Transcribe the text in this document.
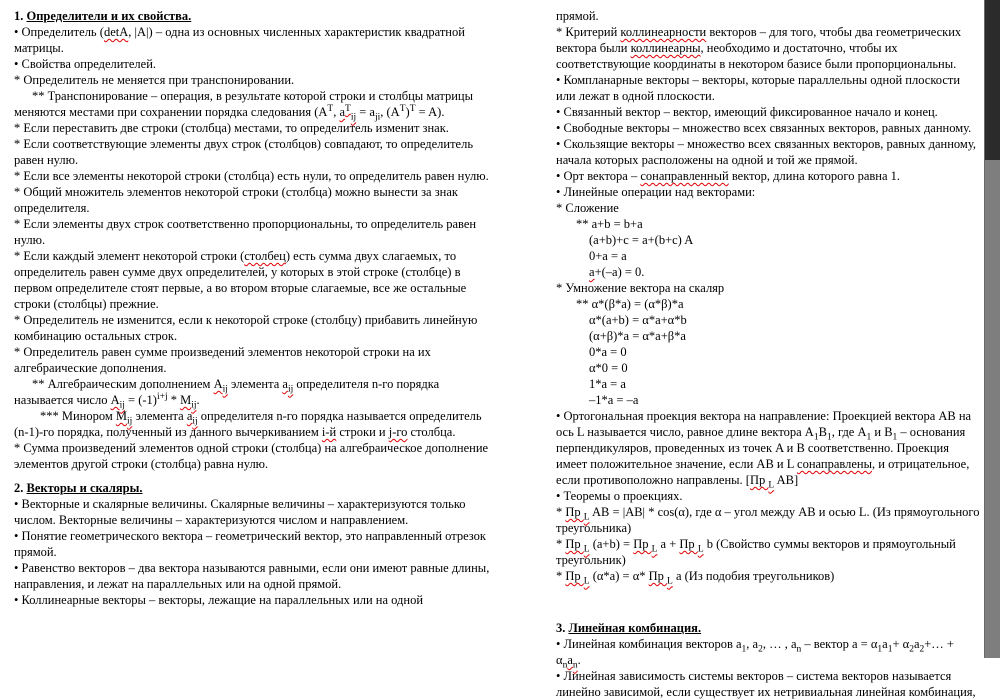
1. Определители и их свойства.
• Определитель (detA, |A|) – одна из основных численных характеристик квадратной матрицы.
• Свойства определителей.
* Определитель не меняется при транспонировании.
** Транспонирование – операция, в результате которой строки и столбцы матрицы меняются местами при сохранении порядка следования ($A^T$, $a^T_{ij} = a_{ji}$, $(A^T)^T = A$).
* Если переставить две строки (столбца) местами, то определитель изменит знак.
* Если соответствующие элементы двух строк (столбцов) совпадают, то определитель равен нулю.
* Если все элементы некоторой строки (столбца) есть нули, то определитель равен нулю.
* Общий множитель элементов некоторой строки (столбца) можно вынести за знак определителя.
* Если элементы двух строк соответственно пропорциональны, то определитель равен нулю.
* Если каждый элемент некоторой строки (столбец) есть сумма двух слагаемых, то определитель равен сумме двух определителей, у которых в этой строке (столбце) в первом определителе стоят первые, а во втором вторые слагаемые, все же остальные строки (столбцы) прежние.
* Определитель не изменится, если к некоторой строке (столбцу) прибавить линейную комбинацию остальных строк.
* Определитель равен сумме произведений элементов некоторой строки на их алгебраические дополнения.
** Алгебраическим дополнением $A_{ij}$ элемента $a_{ij}$ определителя n-го порядка называется число $A_{ij} = (-1)^{i+j} * M_{ij}$.
*** Минором $M_{ij}$ элемента $a_{ij}$ определителя n-го порядка называется определитель (n-1)-го порядка, полученный из данного вычеркиванием i-й строки и j-го столбца.
* Сумма произведений элементов одной строки (столбца) на алгебраическое дополнение элементов другой строки (столбца) равна нулю.
2. Векторы и скаляры.
• Векторные и скалярные величины. Скалярные величины – характеризуются только числом. Векторные величины – характеризуются числом и направлением.
• Понятие геометрического вектора – геометрический вектор, это направленный отрезок прямой.
• Равенство векторов – два вектора называются равными, если они имеют равные длины, направления, и лежат на параллельных или на одной прямой.
• Коллинеарные векторы – векторы, лежащие на параллельных или на одной
прямой.
* Критерий коллинеарности векторов – для того, чтобы два геометрических вектора были коллинеарны, необходимо и достаточно, чтобы их соответствующие координаты в некотором базисе были пропорциональны.
• Компланарные векторы – векторы, которые параллельны одной плоскости или лежат в одной плоскости.
• Связанный вектор – вектор, имеющий фиксированное начало и конец.
• Свободные векторы – множество всех связанных векторов, равных данному.
• Скользящие векторы – множество всех связанных векторов, равных данному, начала которых расположены на одной и той же прямой.
• Орт вектора – сонаправленный вектор, длина которого равна 1.
• Линейные операции над векторами:
* Сложение
** a+b = b+a
(a+b)+c = a+(b+c) A
0+a = a
a+(–a) = 0.
* Умножение вектора на скаляр
** α*(β*a) = (α*β)*a
α*(a+b) = α*a+α*b
(α+β)*a = α*a+β*a
0*a = 0
α*0 = 0
1*a = a
–1*a = –a
• Ортогональная проекция вектора на направление: Проекцией вектора AB на ось L называется число, равное длине вектора $A_1B_1$, где $A_1$ и $B_1$ – основания перпендикуляров, проведенных из точек A и B соответственно. Проекция имеет положительное значение, если AB и L сонаправлены, и отрицательное, если противоположно направлены. [Пр $_L$ AB]
• Теоремы о проекциях.
* Пр $_L$ AB = |AB| * cos(α), где α – угол между AB и осью L. (Из прямоугольного треугольника)
* Пр $_L$ (a+b) = Пр $_L$ a + Пр $_L$ b (Свойство суммы векторов и прямоугольный треугольник)
* Пр $_L$ (α*a) = α* Пр $_L$ a (Из подобия треугольников)
3. Линейная комбинация.
• Линейная комбинация векторов $a_1$, $a_2$, … , $a_n$ – вектор $a = \alpha_1a_1+$ $\alpha_2a_2+\dots + \alpha_na_n$.
• Линейная зависимость системы векторов – система векторов называется линейно зависимой, если существует их нетривиальная линейная комбинация,
